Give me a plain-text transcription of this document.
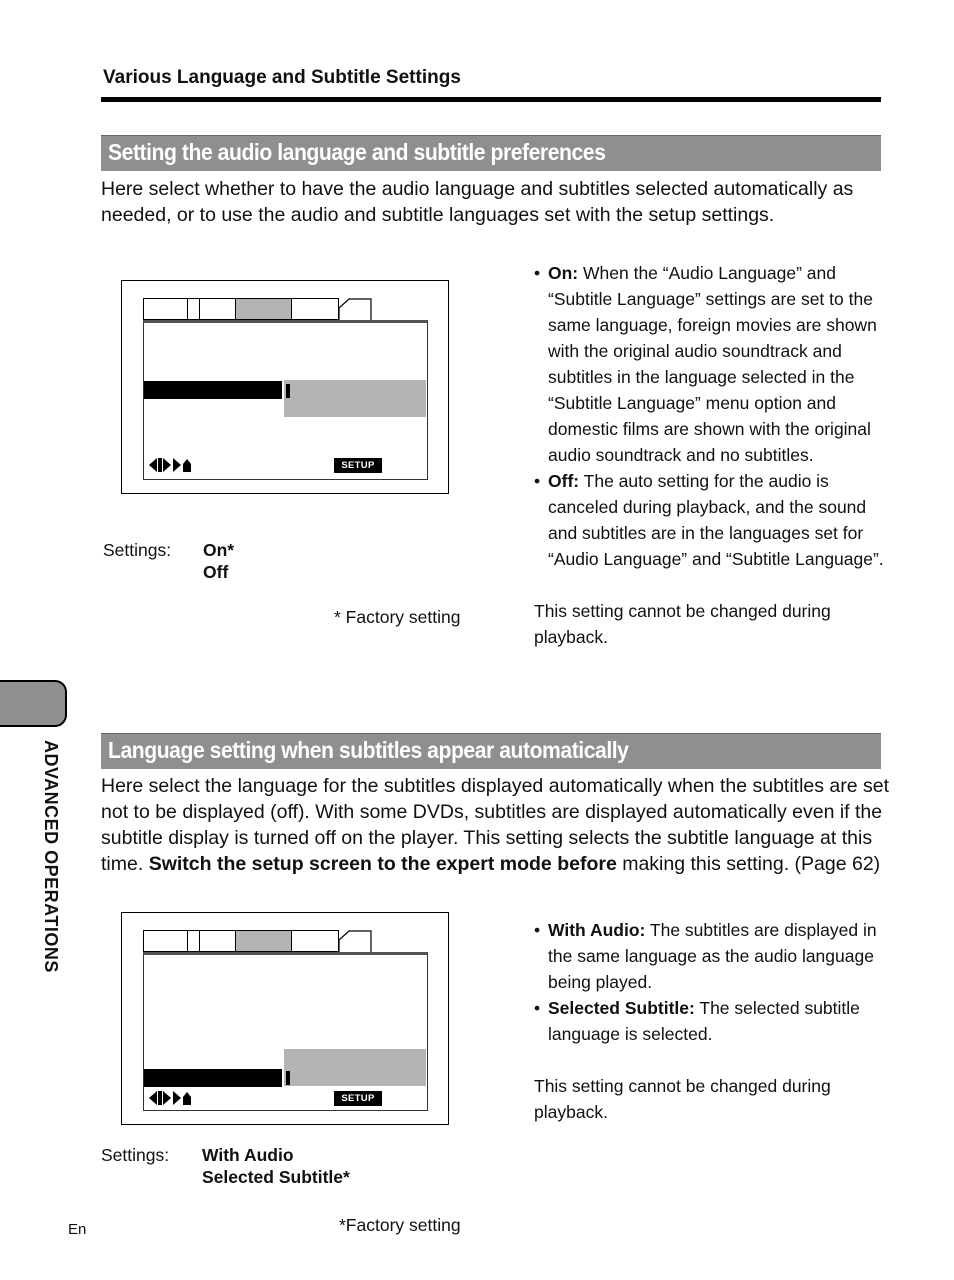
Various Language and Subtitle Settings
Setting the audio language and subtitle preferences
Here select whether to have the audio language and subtitles selected automatically as needed, or to use the audio and subtitle languages set with the setup settings.
SETUP
Settings: On*
Off
* Factory setting
• On: When the “Audio Language” and “Subtitle Language” settings are set to the same language, foreign movies are shown with the original audio soundtrack and subtitles in the language selected in the “Subtitle Language” menu option and domestic films are shown with the original audio soundtrack and no subtitles.
• Off: The auto setting for the audio is canceled during playback, and the sound and subtitles are in the languages set for “Audio Language” and “Subtitle Language”.
This setting cannot be changed during playback.
ADVANCED OPERATIONS Language setting when subtitles appear automatically
Here select the language for the subtitles displayed automatically when the subtitles are set not to be displayed (off). With some DVDs, subtitles are displayed automatically even if the subtitle display is turned off on the player. This setting selects the subtitle language at this time. Switch the setup screen to the expert mode before making this setting. (Page 62)
SETUP
Settings: With Audio
Selected Subtitle*
*Factory setting
• With Audio: The subtitles are displayed in the same language as the audio language being played.
• Selected Subtitle: The selected subtitle language is selected.
This setting cannot be changed during playback.
En
